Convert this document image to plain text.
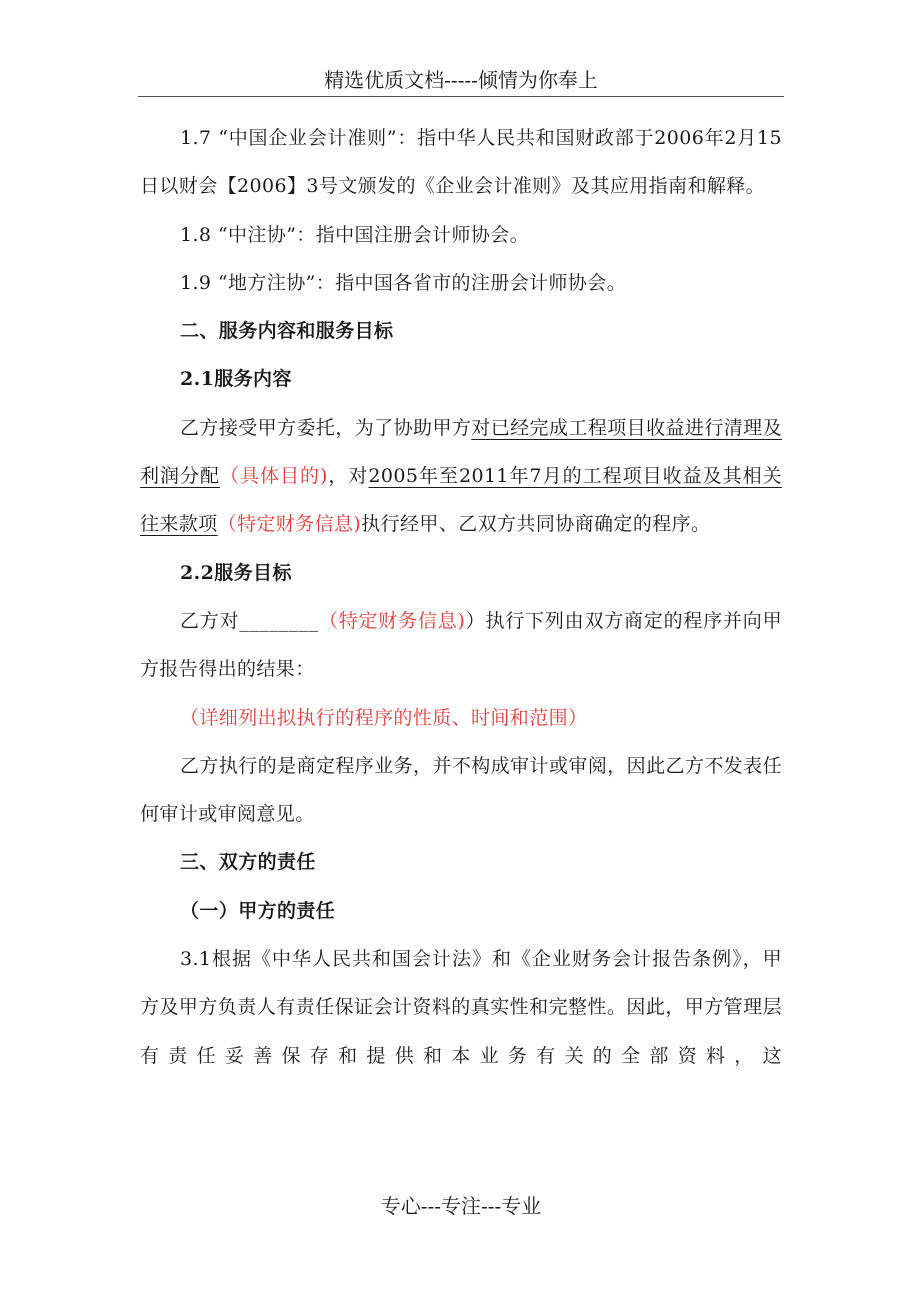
精选优质文档-----倾情为你奉上

1.7 “中国企业会计准则”：指中华人民共和国财政部于2006年2月15日以财会【2006】3号文颁发的《企业会计准则》及其应用指南和解释。

1.8 “中注协”：指中国注册会计师协会。

1.9 “地方注协”：指中国各省市的注册会计师协会。

二、服务内容和服务目标

2.1服务内容

乙方接受甲方委托，为了协助甲方对已经完成工程项目收益进行清理及利润分配（具体目的)，对2005年至2011年7月的工程项目收益及其相关往来款项（特定财务信息)执行经甲、乙双方共同协商确定的程序。

2.2服务目标

乙方对________（特定财务信息)）执行下列由双方商定的程序并向甲方报告得出的结果：

（详细列出拟执行的程序的性质、时间和范围）

乙方执行的是商定程序业务，并不构成审计或审阅，因此乙方不发表任何审计或审阅意见。

三、双方的责任

（一）甲方的责任

3.1根据《中华人民共和国会计法》和《企业财务会计报告条例》，甲方及甲方负责人有责任保证会计资料的真实性和完整性。因此，甲方管理层有责任妥善保存和提供和本业务有关的全部资料，这

专心---专注---专业
